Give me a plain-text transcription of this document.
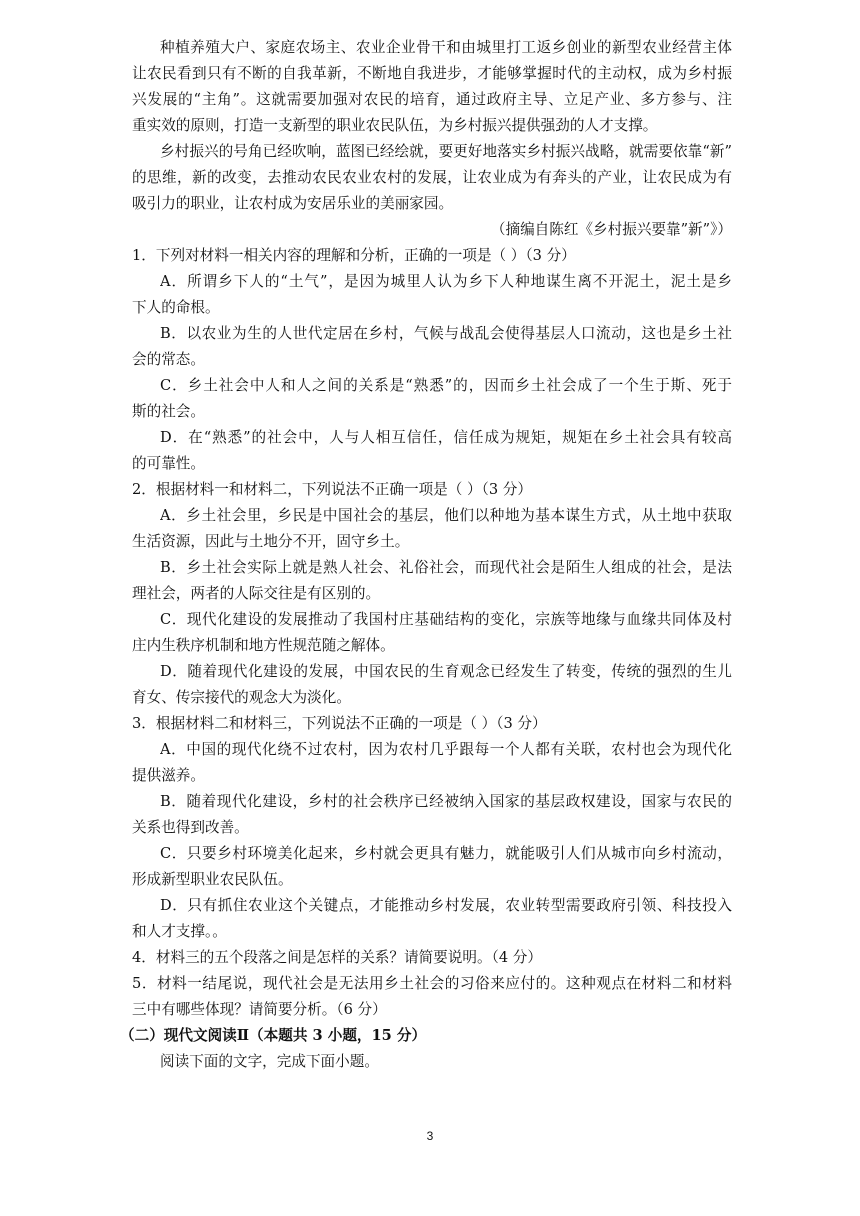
种植养殖大户、家庭农场主、农业企业骨干和由城里打工返乡创业的新型农业经营主体
让农民看到只有不断的自我革新，不断地自我进步，才能够掌握时代的主动权，成为乡村振
兴发展的“主角”。这就需要加强对农民的培育，通过政府主导、立足产业、多方参与、注
重实效的原则，打造一支新型的职业农民队伍，为乡村振兴提供强劲的人才支撑。
乡村振兴的号角已经吹响，蓝图已经绘就，要更好地落实乡村振兴战略，就需要依靠“新”
的思维，新的改变，去推动农民农业农村的发展，让农业成为有奔头的产业，让农民成为有
吸引力的职业，让农村成为安居乐业的美丽家园。
（摘编自陈红《乡村振兴要靠”新”》）
1．下列对材料一相关内容的理解和分析，正确的一项是（ ）（3 分）
A．所谓乡下人的“土气”，是因为城里人认为乡下人种地谋生离不开泥土，泥土是乡
下人的命根。
B．以农业为生的人世代定居在乡村，气候与战乱会使得基层人口流动，这也是乡土社
会的常态。
C．乡土社会中人和人之间的关系是“熟悉”的，因而乡土社会成了一个生于斯、死于
斯的社会。
D．在“熟悉”的社会中，人与人相互信任，信任成为规矩，规矩在乡土社会具有较高
的可靠性。
2．根据材料一和材料二，下列说法不正确一项是（ ）（3 分）
A．乡土社会里，乡民是中国社会的基层，他们以种地为基本谋生方式，从土地中获取
生活资源，因此与土地分不开，固守乡土。
B．乡土社会实际上就是熟人社会、礼俗社会，而现代社会是陌生人组成的社会，是法
理社会，两者的人际交往是有区别的。
C．现代化建设的发展推动了我国村庄基础结构的变化，宗族等地缘与血缘共同体及村
庄内生秩序机制和地方性规范随之解体。
D．随着现代化建设的发展，中国农民的生育观念已经发生了转变，传统的强烈的生儿
育女、传宗接代的观念大为淡化。
3．根据材料二和材料三，下列说法不正确的一项是（ ）（3 分）
A．中国的现代化绕不过农村，因为农村几乎跟每一个人都有关联，农村也会为现代化
提供滋养。
B．随着现代化建设，乡村的社会秩序已经被纳入国家的基层政权建设，国家与农民的
关系也得到改善。
C．只要乡村环境美化起来，乡村就会更具有魅力，就能吸引人们从城市向乡村流动，
形成新型职业农民队伍。
D．只有抓住农业这个关键点，才能推动乡村发展，农业转型需要政府引领、科技投入
和人才支撑。。
4．材料三的五个段落之间是怎样的关系？请简要说明。（4 分）
5．材料一结尾说，现代社会是无法用乡土社会的习俗来应付的。这种观点在材料二和材料
三中有哪些体现？请简要分析。（6 分）
（二）现代文阅读Ⅱ（本题共 3 小题，15 分）
阅读下面的文字，完成下面小题。
3
